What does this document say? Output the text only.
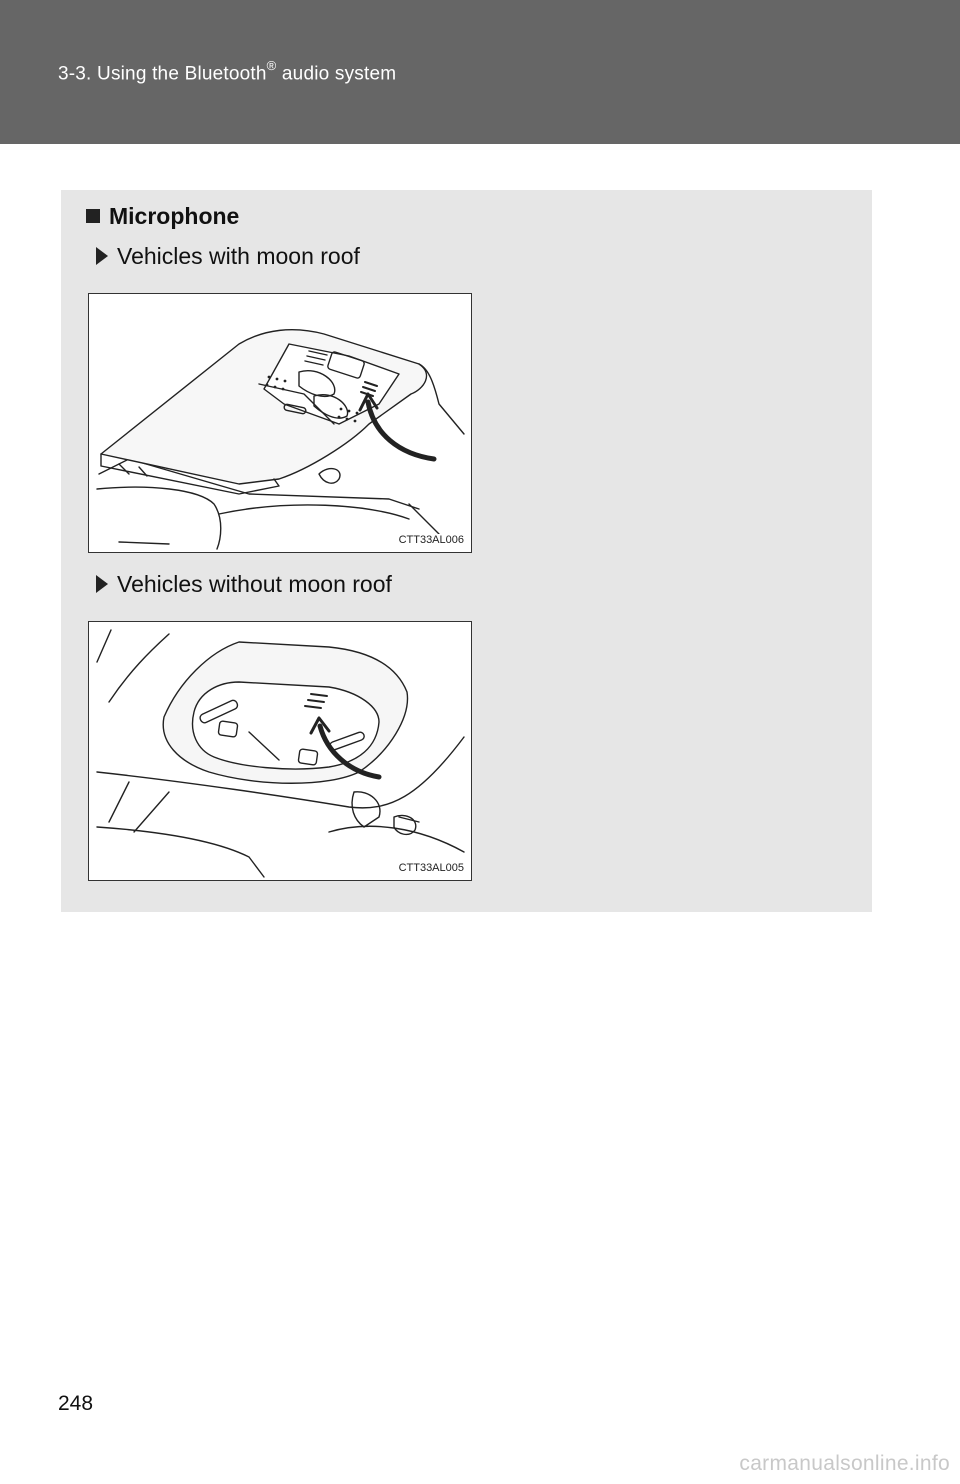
3-3. Using the Bluetooth® audio system
Microphone
Vehicles with moon roof
CTT33AL006
Vehicles without moon roof
CTT33AL005
248
carmanualsonline.info
